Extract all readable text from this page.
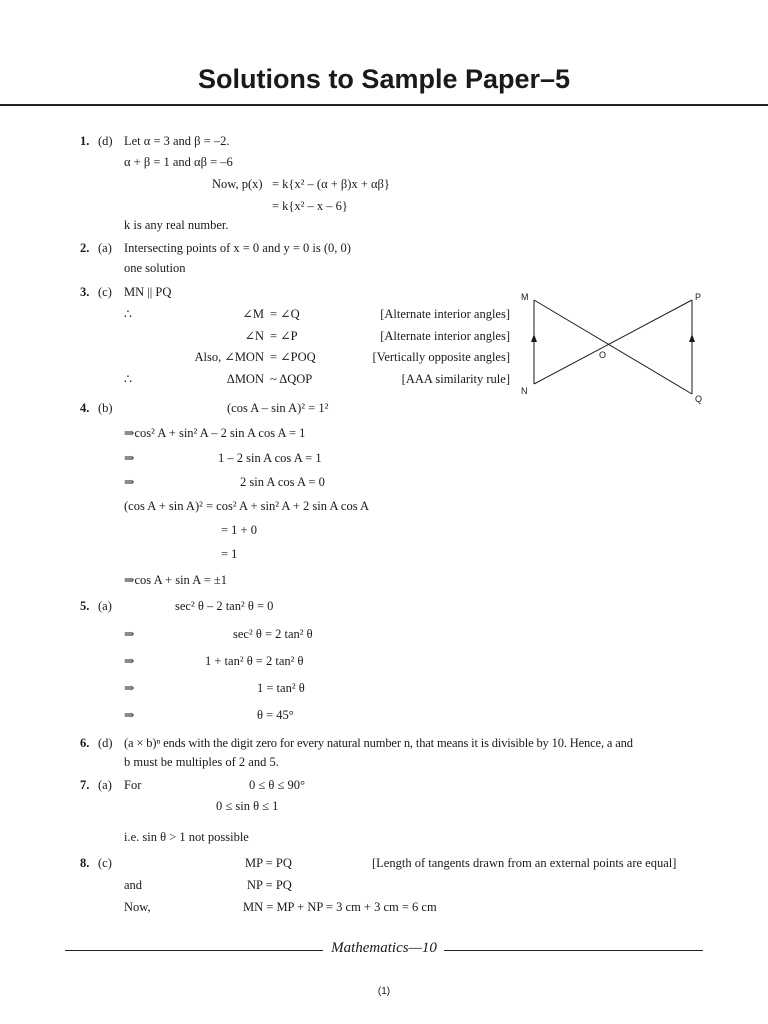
Solutions to Sample Paper–5
1. (d) Let α = 3 and β = –2.
α + β = 1 and αβ = –6
Now, p(x) = k{x² – (α + β)x + αβ}
= k{x² – x – 6}
k is any real number.
2. (a) Intersecting points of x = 0 and y = 0 is (0, 0)
one solution
3. (c) MN || PQ
∴	∠M = ∠Q	[Alternate interior angles]
∠N = ∠P	[Alternate interior angles]
Also, ∠MON = ∠POQ	[Vertically opposite angles]
∴	ΔMON ~ ΔQOP	[AAA similarity rule]
M
N
O
P
Q
4. (b)	(cos A – sin A)² = 1²
⇒cos² A + sin² A – 2 sin A cos A = 1
⇒	1 – 2 sin A cos A = 1
⇒	2 sin A cos A = 0
(cos A + sin A)² = cos² A + sin² A + 2 sin A cos A
= 1 + 0
= 1
⇒cos A + sin A = ±1
5. (a)	sec² θ – 2 tan² θ = 0
⇒	sec² θ = 2 tan² θ
⇒	1 + tan² θ = 2 tan² θ
⇒	1 = tan² θ
⇒	θ = 45°
6. (d) (a × b)ⁿ ends with the digit zero for every natural number n, that means it is divisible by 10. Hence, a and
b must be multiples of 2 and 5.
7. (a) For	0 ≤ θ ≤ 90°
0 ≤ sin θ ≤ 1
i.e. sin θ > 1 not possible
8. (c)	MP = PQ	[Length of tangents drawn from an external points are equal]
and	NP = PQ
Now,	MN = MP + NP = 3 cm + 3 cm = 6 cm
Mathematics—10
(1)
